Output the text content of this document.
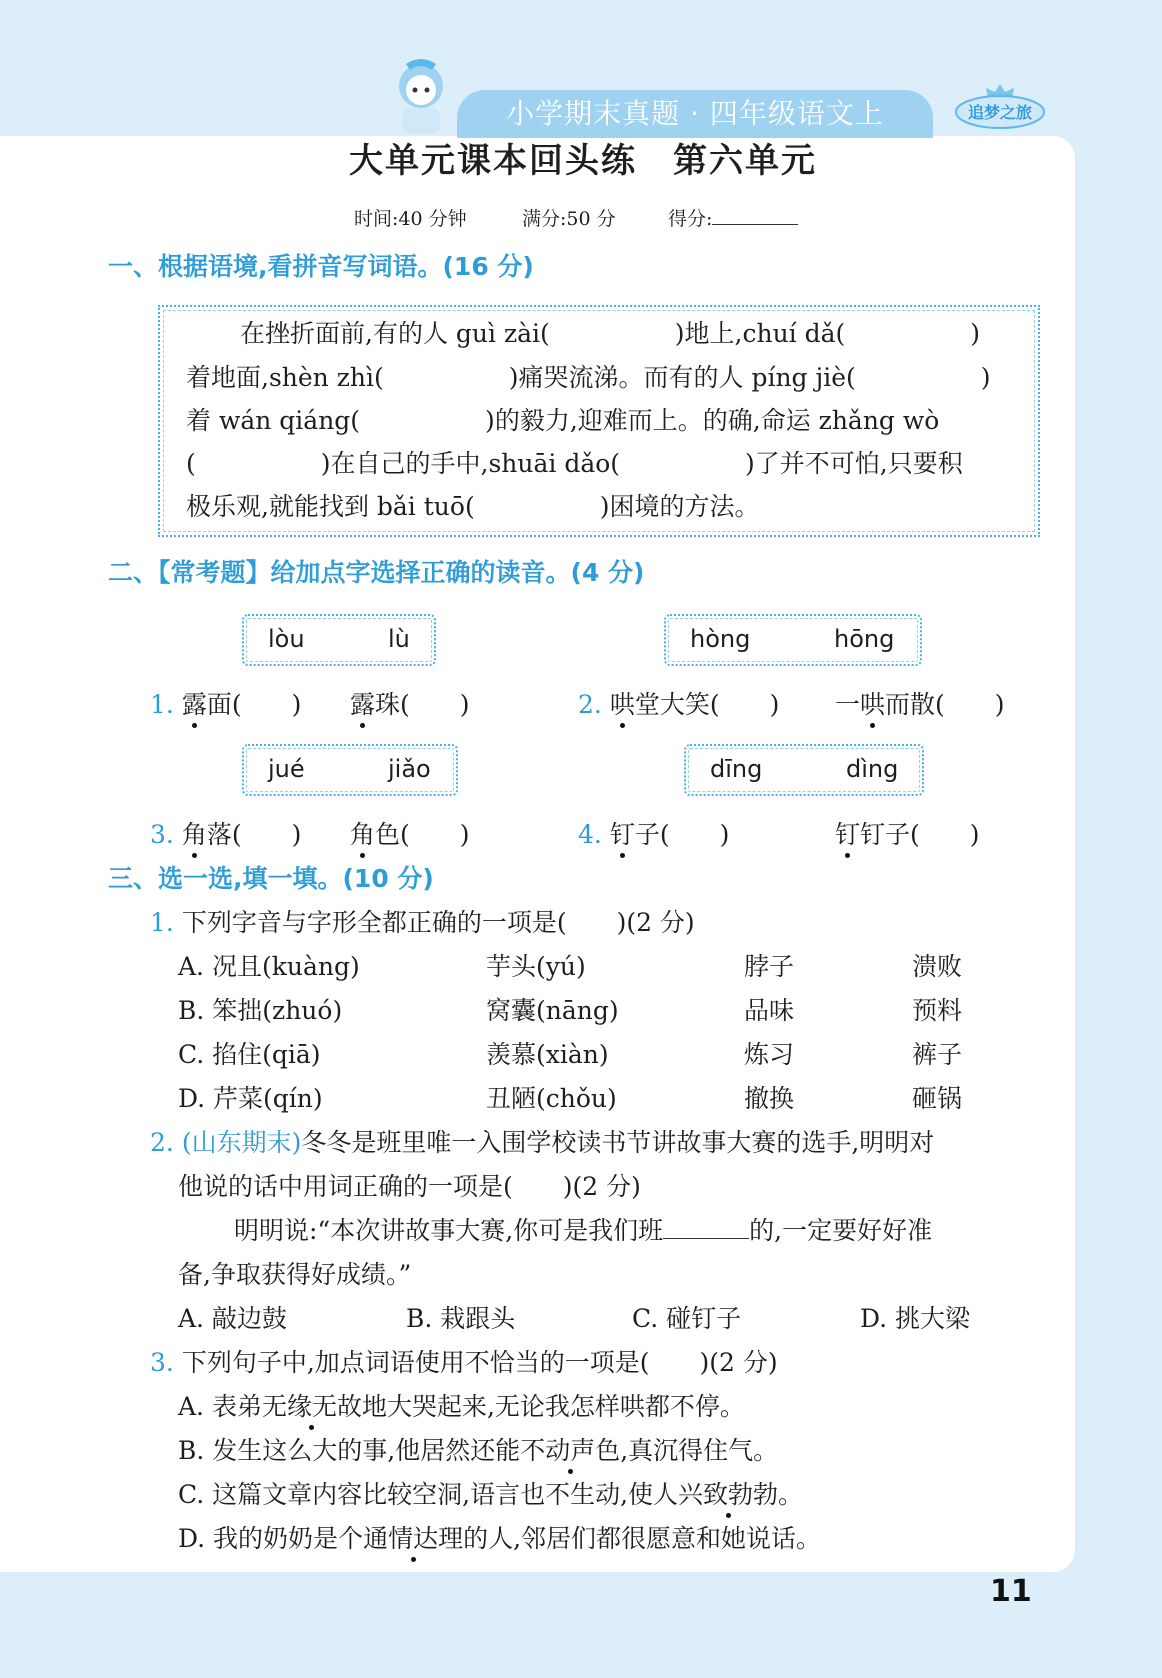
小学期末真题 · 四年级语文上	追梦之旅
大单元课本回头练　第六单元
时间:40 分钟	满分:50 分	得分:
一、根据语境,看拼音写词语。(16 分)
在挫折面前,有的人 guì zài(　　　　　)地上,chuí dǎ(　　　　　)
着地面,shèn zhì(　　　　　)痛哭流涕。而有的人 píng jiè(　　　　　)
着 wán qiáng(　　　　　)的毅力,迎难而上。的确,命运 zhǎng wò
(　　　　　)在自己的手中,shuāi dǎo(　　　　　)了并不可怕,只要积
极乐观,就能找到 bǎi tuō(　　　　　)困境的方法。
二、【常考题】给加点字选择正确的读音。(4 分)
lòu	lù	hòng	hōng
1. 露面(　　) 露珠(　　)	2. 哄堂大笑(　　) 一哄而散(　　)
jué	jiǎo	dīng	dìng
3. 角落(　　) 角色(　　)	4. 钉子(　　)	钉钉子(　　)
三、选一选,填一填。(10 分)
1. 下列字音与字形全都正确的一项是(　　)(2 分)
A. 况且(kuàng)	芋头(yú)	脖子	溃败
B. 笨拙(zhuó)	窝囊(nāng)	品味	预料
C. 掐住(qiā)	羡慕(xiàn)	炼习	裤子
D. 芹菜(qín)	丑陋(chǒu)	撤换	砸锅
2. (山东期末)冬冬是班里唯一入围学校读书节讲故事大赛的选手,明明对
他说的话中用词正确的一项是(　　)(2 分)
明明说:“本次讲故事大赛,你可是我们班	的,一定要好好准
备,争取获得好成绩。”
A. 敲边鼓	B. 栽跟头	C. 碰钉子	D. 挑大梁
3. 下列句子中,加点词语使用不恰当的一项是(　　)(2 分)
A. 表弟无缘无故地大哭起来,无论我怎样哄都不停。
B. 发生这么大的事,他居然还能不动声色,真沉得住气。
C. 这篇文章内容比较空洞,语言也不生动,使人兴致勃勃。
D. 我的奶奶是个通情达理的人,邻居们都很愿意和她说话。
11
